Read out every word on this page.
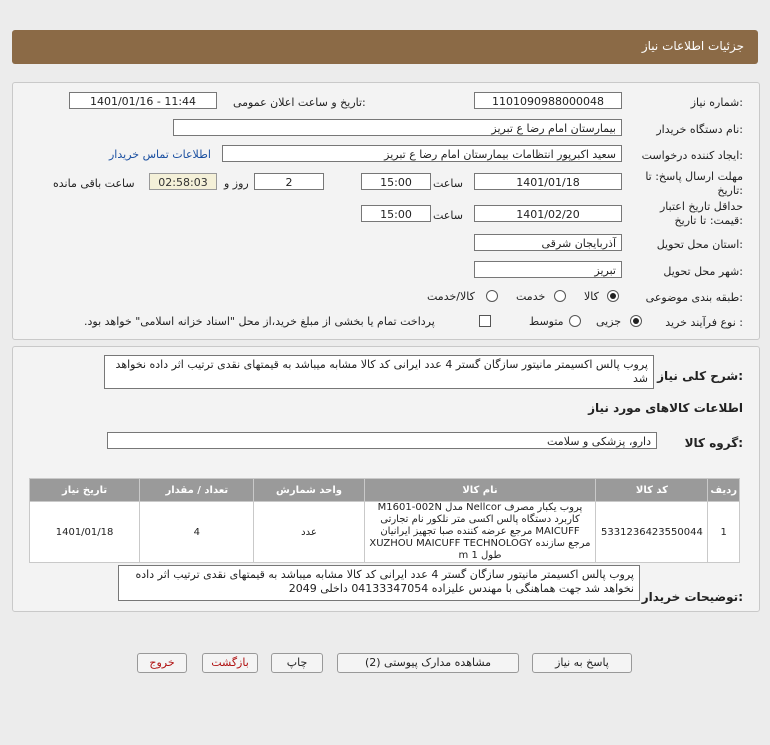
جزئیات اطلاعات نیاز
شماره نیاز:
1101090988000048
تاریخ و ساعت اعلان عمومی:
1401/01/16 - 11:44
نام دستگاه خریدار:
بیمارستان امام رضا ع تبریز
ایجاد کننده درخواست:
سعید اکبرپور انتظامات بیمارستان امام رضا ع تبریز
اطلاعات تماس خریدار
مهلت ارسال پاسخ: تا
تاریخ:
1401/01/18
ساعت
15:00
2
روز و
02:58:03
ساعت باقی مانده
حداقل تاریخ اعتبار
قیمت: تا تاریخ:
1401/02/20
ساعت
15:00
استان محل تحویل:
آذربایجان شرقی
شهر محل تحویل:
تبریز
طبقه بندی موضوعی:
کالا
خدمت
کالا/خدمت
نوع فرآیند خرید :
جزیی
متوسط
پرداخت تمام یا بخشی از مبلغ خرید،از محل "اسناد خزانه اسلامی" خواهد بود.
شرح کلی نیاز:
پروب پالس اکسیمتر مانیتور سازگان گستر 4 عدد ایرانی کد کالا مشابه میباشد به قیمتهای نقدی ترتیب اثر داده نخواهد شد
اطلاعات کالاهای مورد نیاز
گروه کالا:
دارو، پزشکی و سلامت
ردیف	کد کالا	نام کالا	واحد شمارش	تعداد / مقدار	تاریخ نیاز
1	5331236423550044	پروب یکبار مصرف Nellcor مدل M1601-002N کاربرد دستگاه پالس اکسی متر نلکور نام تجارتی MAICUFF مرجع عرضه کننده صبا تجهیز ایرانیان مرجع سازنده XUZHOU MAICUFF TECHNOLOGY طول 1 m	عدد	4	1401/01/18
توضیحات خریدار:
پروب پالس اکسیمتر مانیتور سازگان گستر 4 عدد ایرانی کد کالا مشابه میباشد به قیمتهای نقدی ترتیب اثر داده نخواهد شد جهت هماهنگی با مهندس علیزاده 04133347054 داخلی 2049
پاسخ به نیاز
مشاهده مدارک پیوستی (2)
چاپ
بازگشت
خروج
